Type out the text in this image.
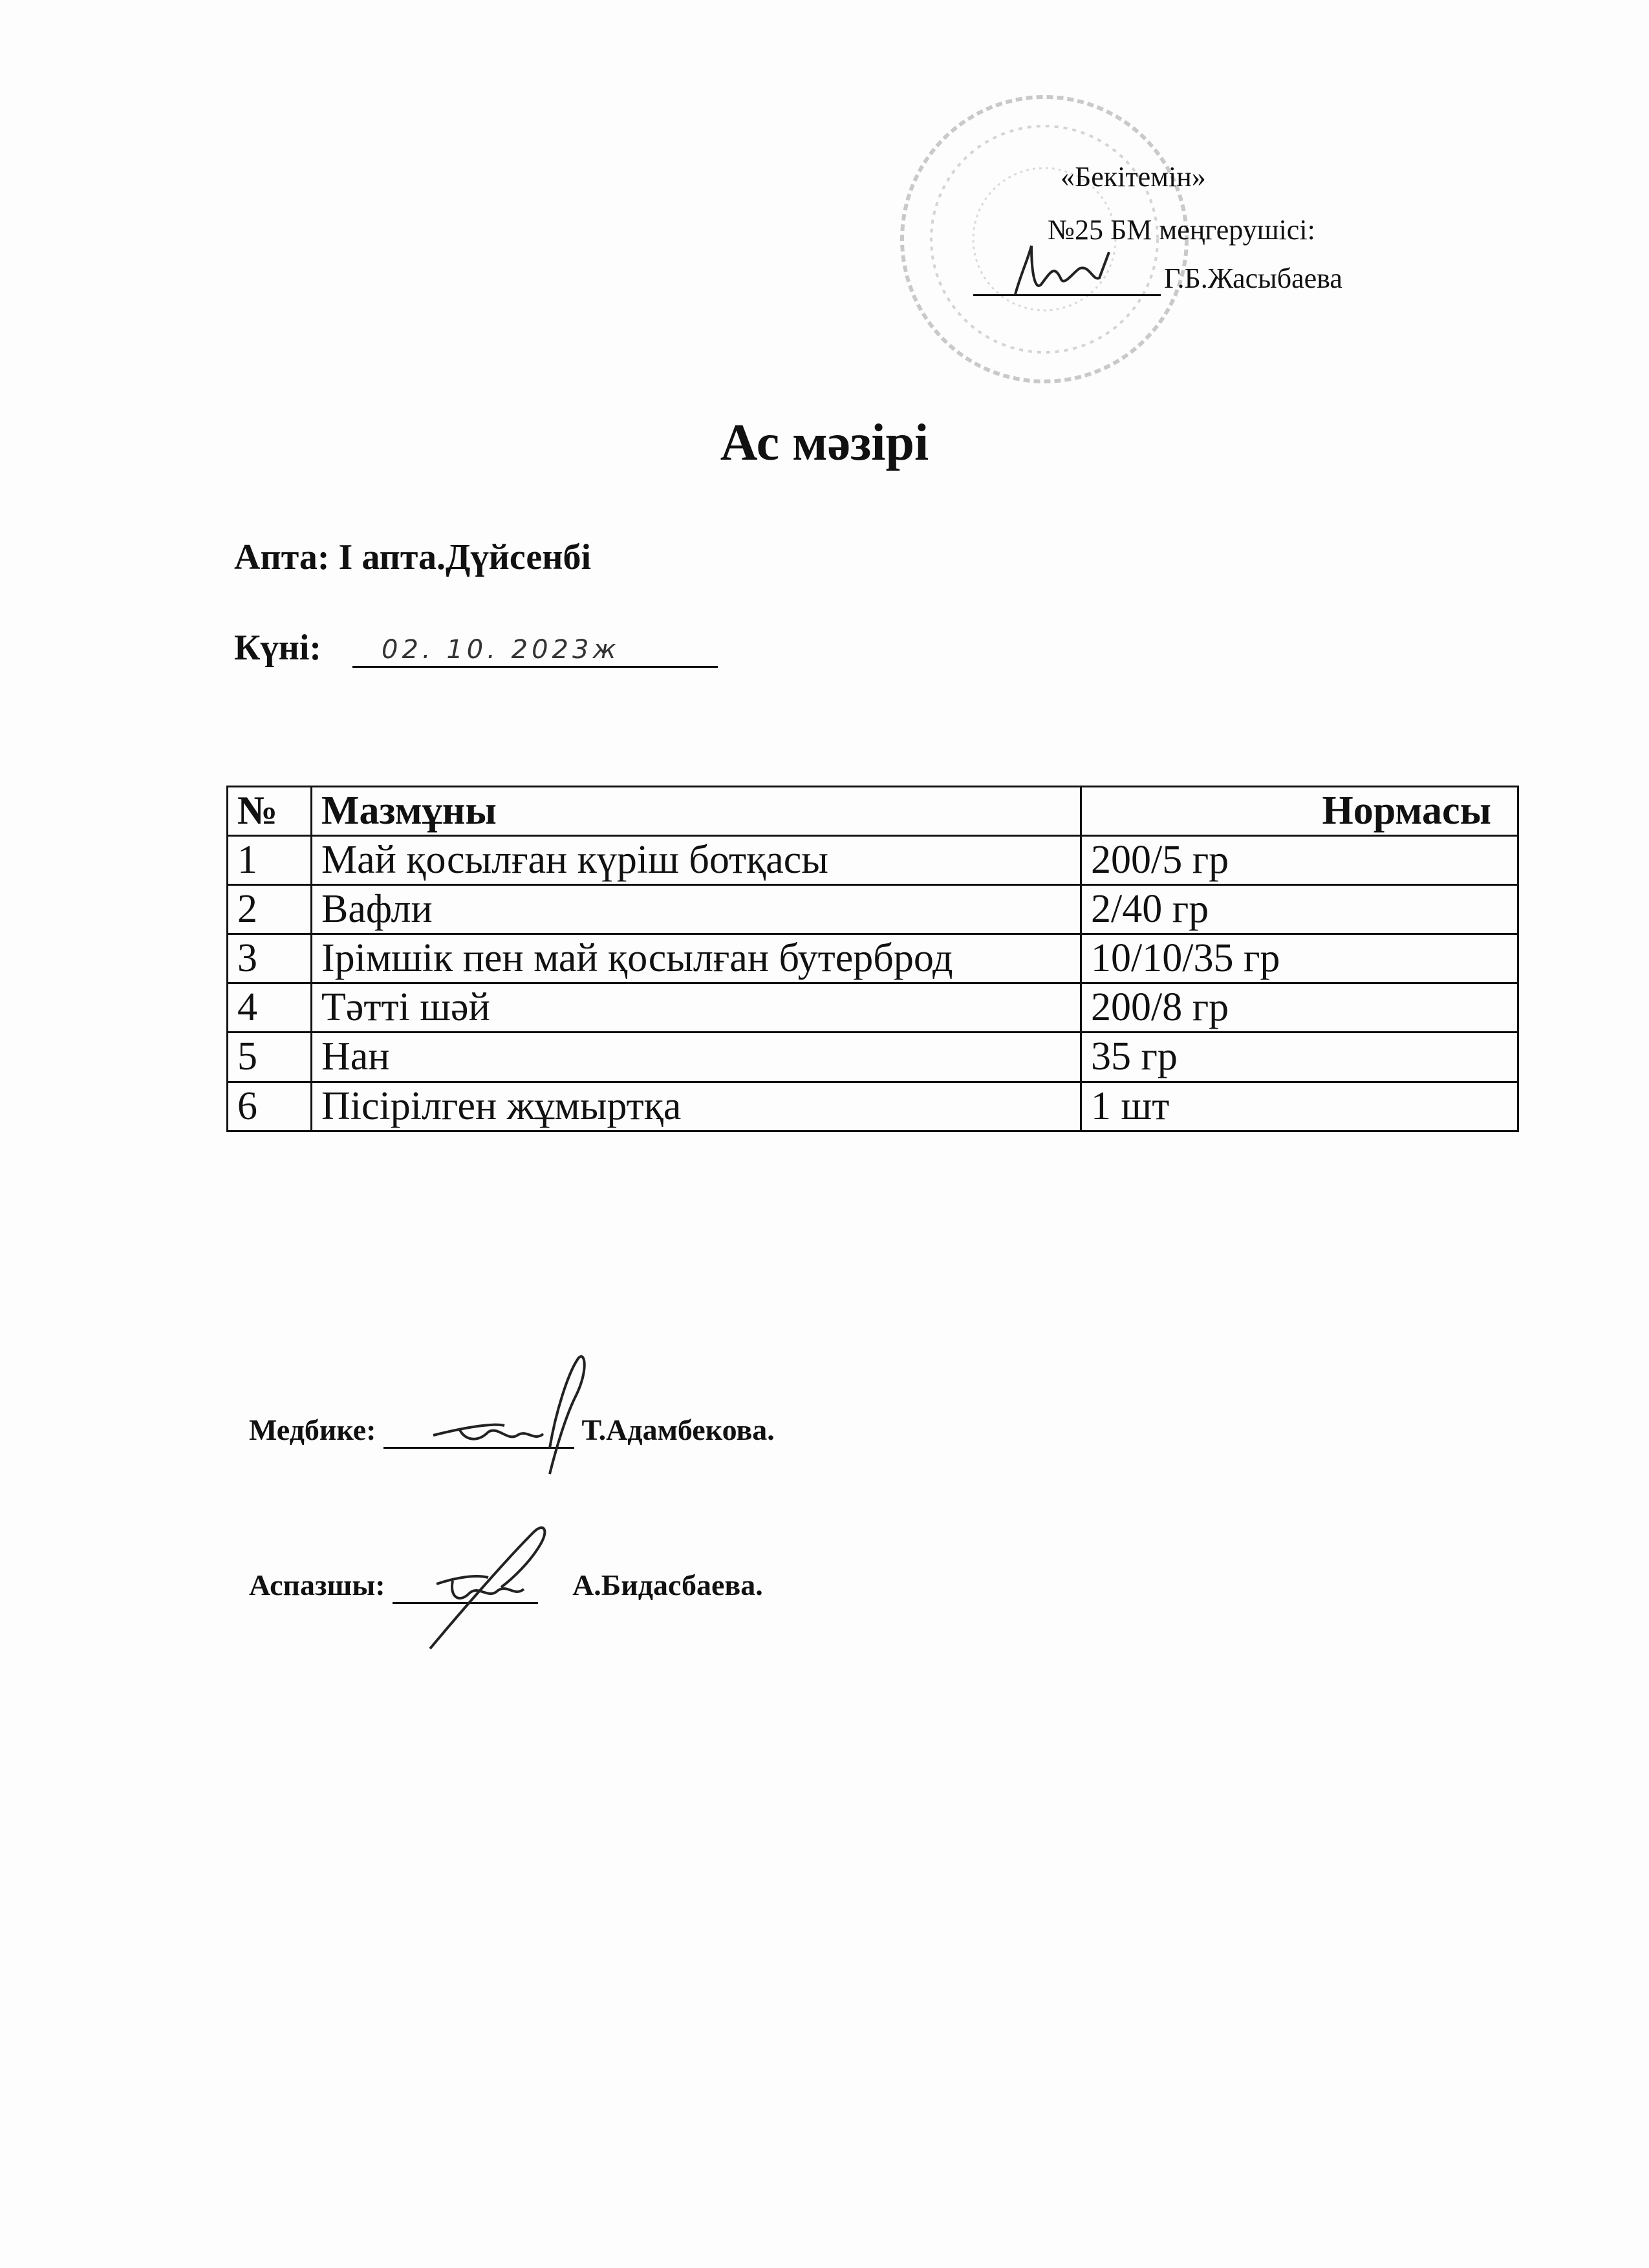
«Бекітемін»
№25 БМ меңгерушісі:
Г.Б.Жасыбаева
Ас мәзірі
Апта: I апта.Дүйсенбі
Күні: 02. 10. 2023ж
№	Мазмұны	Нормасы
1	Май қосылған күріш ботқасы	200/5 гр
2	Вафли	2/40 гр
3	Ірімшік пен май қосылған бутерброд	10/10/35 гр
4	Тәтті шәй	200/8 гр
5	Нан	35 гр
6	Пісірілген жұмыртқа	1 шт
Медбике:	Т.Адамбекова.
Аспазшы:	А.Бидасбаева.
